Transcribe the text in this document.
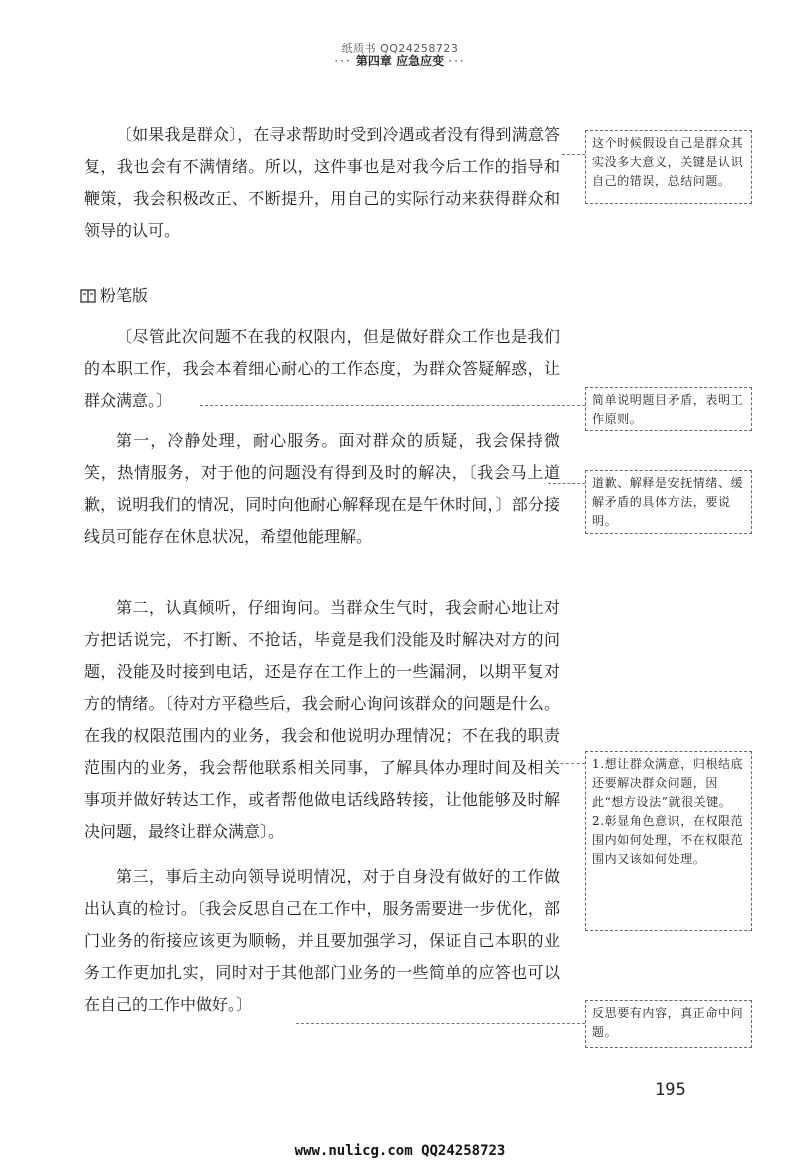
纸质书 QQ24258723
··· 第四章 应急应变 ···

〔如果我是群众〕，在寻求帮助时受到冷遇或者没有得到满意答复，我也会有不满情绪。所以，这件事也是对我今后工作的指导和鞭策，我会积极改正、不断提升，用自己的实际行动来获得群众和领导的认可。

粉笔版

〔尽管此次问题不在我的权限内，但是做好群众工作也是我们的本职工作，我会本着细心耐心的工作态度，为群众答疑解惑，让群众满意。〕

第一，冷静处理，耐心服务。面对群众的质疑，我会保持微笑，热情服务，对于他的问题没有得到及时的解决，〔我会马上道歉，说明我们的情况，同时向他耐心解释现在是午休时间，〕部分接线员可能存在休息状况，希望他能理解。

第二，认真倾听，仔细询问。当群众生气时，我会耐心地让对方把话说完，不打断、不抢话，毕竟是我们没能及时解决对方的问题，没能及时接到电话，还是存在工作上的一些漏洞，以期平复对方的情绪。〔待对方平稳些后，我会耐心询问该群众的问题是什么。在我的权限范围内的业务，我会和他说明办理情况；不在我的职责范围内的业务，我会帮他联系相关同事，了解具体办理时间及相关事项并做好转达工作，或者帮他做电话线路转接，让他能够及时解决问题，最终让群众满意〕。

第三，事后主动向领导说明情况，对于自身没有做好的工作做出认真的检讨。〔我会反思自己在工作中，服务需要进一步优化，部门业务的衔接应该更为顺畅，并且要加强学习，保证自己本职的业务工作更加扎实，同时对于其他部门业务的一些简单的应答也可以在自己的工作中做好。〕

这个时候假设自己是群众其实没多大意义，关键是认识自己的错误，总结问题。
简单说明题目矛盾，表明工作原则。
道歉、解释是安抚情绪、缓解矛盾的具体方法，要说明。
1.想让群众满意，归根结底还要解决群众问题，因此“想方设法”就很关键。
2.彰显角色意识，在权限范围内如何处理，不在权限范围内又该如何处理。
反思要有内容，真正命中问题。
195
www.nulicg.com QQ24258723
